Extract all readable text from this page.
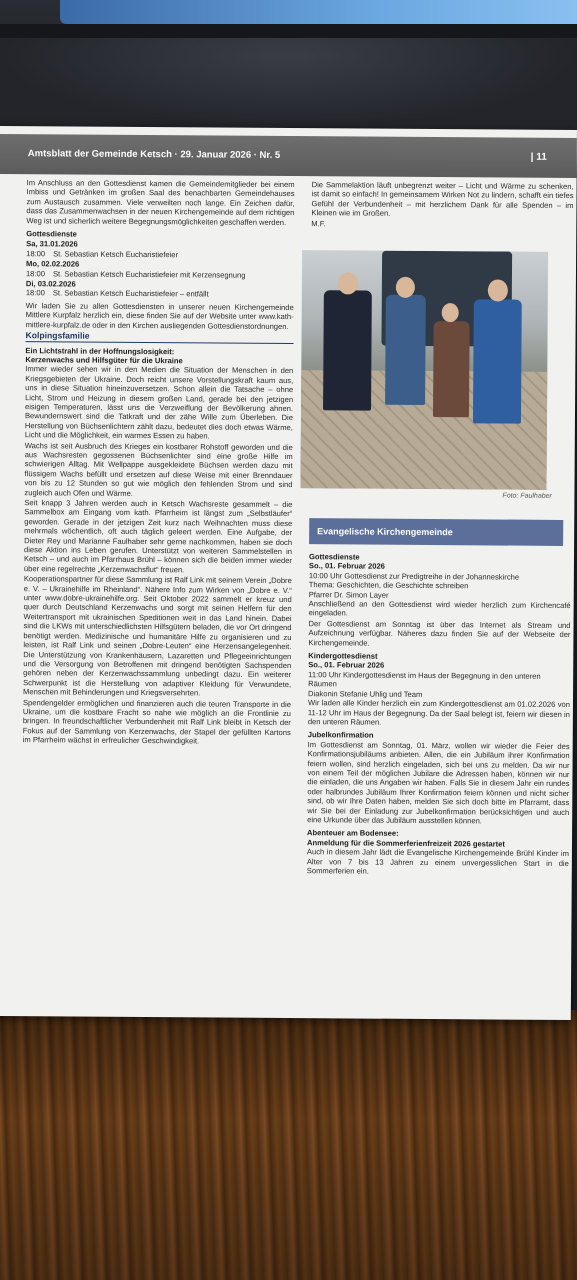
Amtsblatt der Gemeinde Ketsch · 29. Januar 2026 · Nr. 5	| 11

Im Anschluss an den Gottesdienst kamen die Gemeindemitglieder bei einem Imbiss und Getränken im großen Saal des benachbarten Gemeindehauses zum Austausch zusammen. Viele verweilten noch lange. Ein Zeichen dafür, dass das Zusammenwachsen in der neuen Kirchengemeinde auf dem richtigen Weg ist und sicherlich weitere Begegnungsmöglichkeiten geschaffen werden.

Gottesdienste
Sa, 31.01.2026
18:00 St. Sebastian Ketsch Eucharistiefeier
Mo, 02.02.2026
18:00 St. Sebastian Ketsch Eucharistiefeier mit Kerzensegnung
Di, 03.02.2026
18:00 St. Sebastian Ketsch Eucharistiefeier – entfällt

Wir laden Sie zu allen Gottesdiensten in unserer neuen Kirchengemeinde Mittlere Kurpfalz herzlich ein, diese finden Sie auf der Website unter www.kath-mittlere-kurpfalz.de oder in den Kirchen ausliegenden Gottesdienstordnungen.

Kolpingsfamilie
Ein Lichtstrahl in der Hoffnungslosigkeit:
Kerzenwachs und Hilfsgüter für die Ukraine

Immer wieder sehen wir in den Medien die Situation der Menschen in den Kriegsgebieten der Ukraine. Doch reicht unsere Vorstellungskraft kaum aus, uns in diese Situation hineinzuversetzen. Schon allein die Tatsache – ohne Licht, Strom und Heizung in diesem großen Land, gerade bei den jetzigen eisigen Temperaturen, lässt uns die Verzweiflung der Bevölkerung ahnen. Bewundernswert sind die Tatkraft und der zähe Wille zum Überleben. Die Herstellung von Büchsenlichtern zählt dazu, bedeutet dies doch etwas Wärme, Licht und die Möglichkeit, ein warmes Essen zu haben.

Wachs ist seit Ausbruch des Krieges ein kostbarer Rohstoff geworden und die aus Wachsresten gegossenen Büchsenlichter sind eine große Hilfe im schwierigen Alltag. Mit Wellpappe ausgekleidete Büchsen werden dazu mit flüssigem Wachs befüllt und ersetzen auf diese Weise mit einer Brenndauer von bis zu 12 Stunden so gut wie möglich den fehlenden Strom und sind zugleich auch Ofen und Wärme.

Seit knapp 3 Jahren werden auch in Ketsch Wachsreste gesammelt – die Sammelbox am Eingang vom kath. Pfarrheim ist längst zum „Selbstläufer“ geworden. Gerade in der jetzigen Zeit kurz nach Weihnachten muss diese mehrmals wöchentlich, oft auch täglich geleert werden. Eine Aufgabe, der Dieter Rey und Marianne Faulhaber sehr gerne nachkommen, haben sie doch diese Aktion ins Leben gerufen. Unterstützt von weiteren Sammelstellen in Ketsch – und auch im Pfarrhaus Brühl – können sich die beiden immer wieder über eine regelrechte „Kerzenwachsflut“ freuen.

Kooperationspartner für diese Sammlung ist Ralf Link mit seinem Verein „Dobre e. V. – Ukrainehilfe im Rheinland“. Nähere Info zum Wirken von „Dobre e. V.“ unter www.dobre-ukrainehilfe.org. Seit Oktober 2022 sammelt er kreuz und quer durch Deutschland Kerzenwachs und sorgt mit seinen Helfern für den Weitertransport mit ukrainischen Speditionen weit in das Land hinein. Dabei sind die LKWs mit unterschiedlichsten Hilfsgütern beladen, die vor Ort dringend benötigt werden. Medizinische und humanitäre Hilfe zu organisieren und zu leisten, ist Ralf Link und seinen „Dobre-Leuten“ eine Herzensangelegenheit. Die Unterstützung von Krankenhäusern, Lazaretten und Pflegeeinrichtungen und die Versorgung von Betroffenen mit dringend benötigten Sachspenden gehören neben der Kerzenwachssammlung unbedingt dazu. Ein weiterer Schwerpunkt ist die Herstellung von adaptiver Kleidung für Verwundete, Menschen mit Behinderungen und Kriegsversehrten.

Spendengelder ermöglichen und finanzieren auch die teuren Transporte in die Ukraine, um die kostbare Fracht so nahe wie möglich an die Frontlinie zu bringen. In freundschaftlicher Verbundenheit mit Ralf Link bleibt in Ketsch der Fokus auf der Sammlung von Kerzenwachs, der Stapel der gefüllten Kartons im Pfarrheim wächst in erfreulicher Geschwindigkeit.

Die Sammelaktion läuft unbegrenzt weiter – Licht und Wärme zu schenken, ist damit so einfach! In gemeinsamem Wirken Not zu lindern, schafft ein tiefes Gefühl der Verbundenheit – mit herzlichem Dank für alle Spenden – im Kleinen wie im Großen.

M.F.
Foto: Faulhaber
Evangelische Kirchengemeinde
Gottesdienste
So., 01. Februar 2026
10:00 Uhr Gottesdienst zur Predigtreihe in der Johanneskirche
Thema: Geschichten, die Geschichte schreiben
Pfarrer Dr. Simon Layer

Anschließend an den Gottesdienst wird wieder herzlich zum Kirchencafé eingeladen.

Der Gottesdienst am Sonntag ist über das Internet als Stream und Aufzeichnung verfügbar. Näheres dazu finden Sie auf der Webseite der Kirchengemeinde.

Kindergottesdienst
So., 01. Februar 2026
11:00 Uhr Kindergottesdienst im Haus der Begegnung in den unteren Räumen
Diakonin Stefanie Uhlig und Team

Wir laden alle Kinder herzlich ein zum Kindergottesdienst am 01.02.2026 von 11-12 Uhr im Haus der Begegnung. Da der Saal belegt ist, feiern wir diesen in den unteren Räumen.

Jubelkonfirmation

Im Gottesdienst am Sonntag, 01. März, wollen wir wieder die Feier des Konfirmationsjubiläums anbieten. Allen, die ein Jubiläum ihrer Konfirmation feiern wollen, sind herzlich eingeladen, sich bei uns zu melden. Da wir nur von einem Teil der möglichen Jubilare die Adressen haben, können wir nur die einladen, die uns Angaben wir haben. Falls Sie in diesem Jahr ein rundes oder halbrundes Jubiläum Ihrer Konfirmation feiern können und nicht sicher sind, ob wir Ihre Daten haben, melden Sie sich doch bitte im Pfarramt, dass wir Sie bei der Einladung zur Jubelkonfirmation berücksichtigen und auch eine Urkunde über das Jubiläum ausstellen können.

Abenteuer am Bodensee:
Anmeldung für die Sommerferienfreizeit 2026 gestartet

Auch in diesem Jahr lädt die Evangelische Kirchengemeinde Brühl Kinder im Alter von 7 bis 13 Jahren zu einem unvergesslichen Start in die Sommerferien ein.
